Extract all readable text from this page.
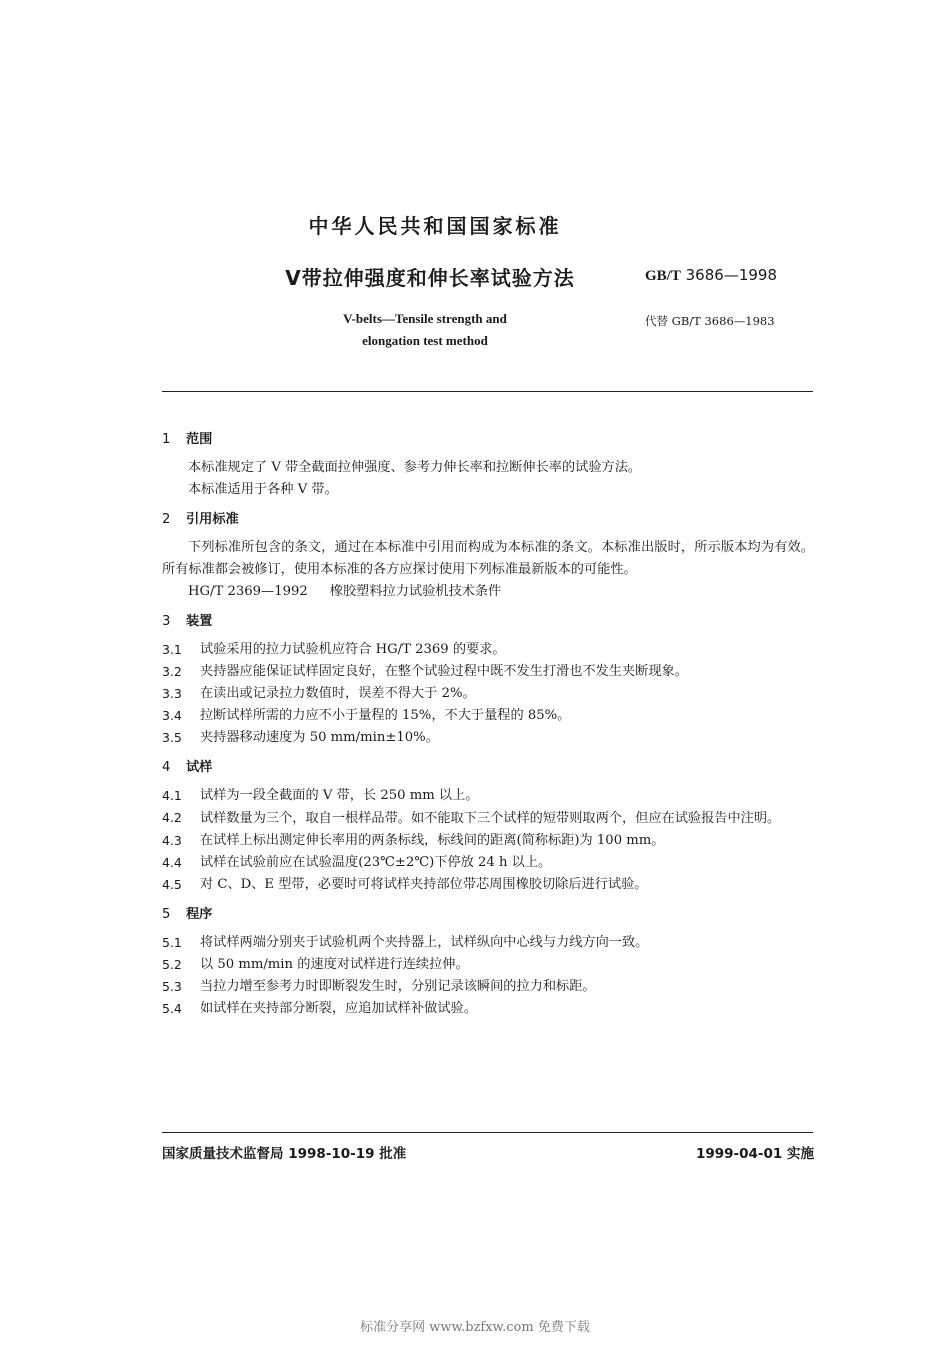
中华人民共和国国家标准
V带拉伸强度和伸长率试验方法	GB/T 3686—1998
V-belts—Tensile strength and
elongation test method
代替 GB/T 3686—1983
1 范围
本标准规定了 V 带全截面拉伸强度、参考力伸长率和拉断伸长率的试验方法。
本标准适用于各种 V 带。
2 引用标准
下列标准所包含的条文，通过在本标准中引用而构成为本标准的条文。本标准出版时，所示版本均为有效。所有标准都会被修订，使用本标准的各方应探讨使用下列标准最新版本的可能性。
HG/T 2369—1992 橡胶塑料拉力试验机技术条件
3 装置
3.1	试验采用的拉力试验机应符合 HG/T 2369 的要求。
3.2	夹持器应能保证试样固定良好，在整个试验过程中既不发生打滑也不发生夹断现象。
3.3	在读出或记录拉力数值时，误差不得大于 2%。
3.4	拉断试样所需的力应不小于量程的 15%，不大于量程的 85%。
3.5	夹持器移动速度为 50 mm/min±10%。
4 试样
4.1	试样为一段全截面的 V 带，长 250 mm 以上。
4.2 试样数量为三个，取自一根样品带。如不能取下三个试样的短带则取两个，但应在试验报告中注明。
4.3	在试样上标出测定伸长率用的两条标线，标线间的距离(简称标距)为 100 mm。
4.4	试样在试验前应在试验温度(23℃±2℃)下停放 24 h 以上。
4.5	对 C、D、E 型带，必要时可将试样夹持部位带芯周围橡胶切除后进行试验。
5 程序
5.1	将试样两端分别夹于试验机两个夹持器上，试样纵向中心线与力线方向一致。
5.2	以 50 mm/min 的速度对试样进行连续拉伸。
5.3	当拉力增至参考力时即断裂发生时，分别记录该瞬间的拉力和标距。
5.4	如试样在夹持部分断裂，应追加试样补做试验。
国家质量技术监督局 1998-10-19 批准	1999-04-01 实施
标准分享网 www.bzfxw.com 免费下载
